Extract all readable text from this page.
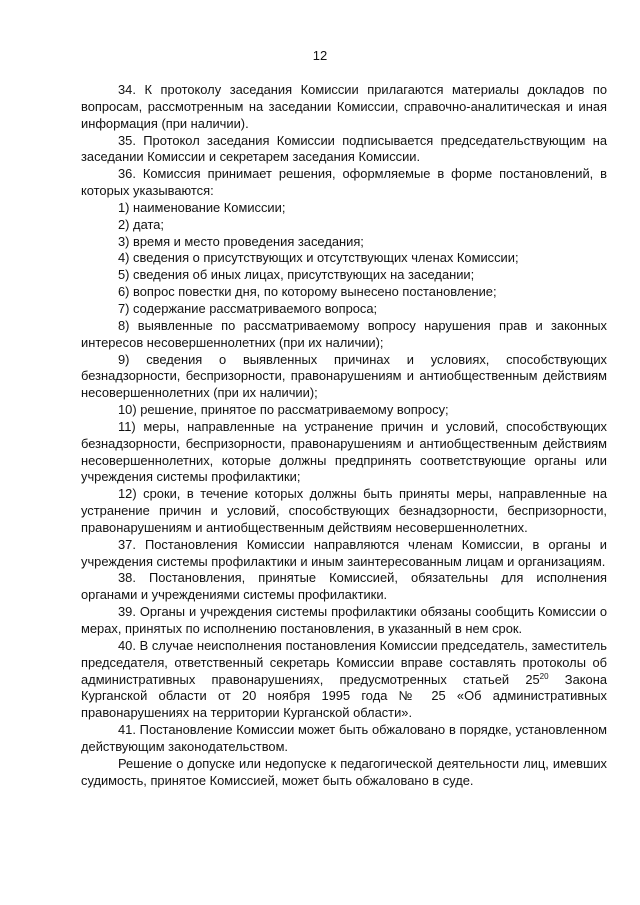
12

34. К протоколу заседания Комиссии прилагаются материалы докладов по вопросам, рассмотренным на заседании Комиссии, справочно-аналитическая и иная информация (при наличии).

35. Протокол заседания Комиссии подписывается председательствующим на заседании Комиссии и секретарем заседания Комиссии.

36. Комиссия принимает решения, оформляемые в форме постановлений, в которых указываются:

1) наименование Комиссии;

2) дата;

3) время и место проведения заседания;

4) сведения о присутствующих и отсутствующих членах Комиссии;

5) сведения об иных лицах, присутствующих на заседании;

6) вопрос повестки дня, по которому вынесено постановление;

7) содержание рассматриваемого вопроса;

8) выявленные по рассматриваемому вопросу нарушения прав и законных интересов несовершеннолетних (при их наличии);

9) сведения о выявленных причинах и условиях, способствующих безнадзорности, беспризорности, правонарушениям и антиобщественным действиям несовершеннолетних (при их наличии);

10) решение, принятое по рассматриваемому вопросу;

11) меры, направленные на устранение причин и условий, способствующих безнадзорности, беспризорности, правонарушениям и антиобщественным действиям несовершеннолетних, которые должны предпринять соответствующие органы или учреждения системы профилактики;

12) сроки, в течение которых должны быть приняты меры, направленные на устранение причин и условий, способствующих безнадзорности, беспризорности, правонарушениям и антиобщественным действиям несовершеннолетних.

37. Постановления Комиссии направляются членам Комиссии, в органы и учреждения системы профилактики и иным заинтересованным лицам и организациям.

38. Постановления, принятые Комиссией, обязательны для исполнения органами и учреждениями системы профилактики.

39. Органы и учреждения системы профилактики обязаны сообщить Комиссии о мерах, принятых по исполнению постановления, в указанный в нем срок.

40. В случае неисполнения постановления Комиссии председатель, заместитель председателя, ответственный секретарь Комиссии вправе составлять протоколы об административных правонарушениях, предусмотренных статьей $25^{20}$ Закона Курганской области от 20 ноября 1995 года № 25 «Об административных правонарушениях на территории Курганской области».

41. Постановление Комиссии может быть обжаловано в порядке, установленном действующим законодательством.

Решение о допуске или недопуске к педагогической деятельности лиц, имевших судимость, принятое Комиссией, может быть обжаловано в суде.
